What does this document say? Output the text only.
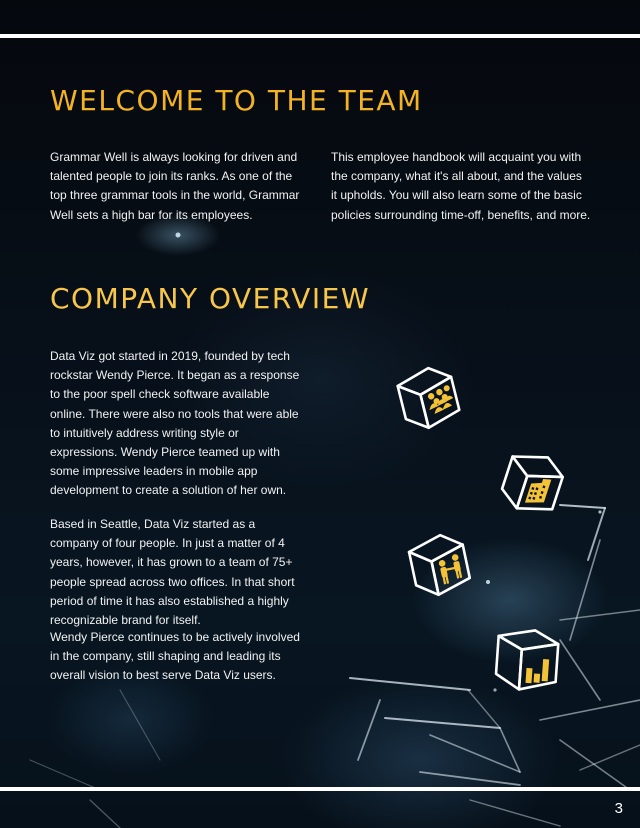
WELCOME TO THE TEAM

Grammar Well is always looking for driven and talented people to join its ranks. As one of the top three grammar tools in the world, Grammar Well sets a high bar for its employees.

This employee handbook will acquaint you with the company, what it's all about, and the values it upholds. You will also learn some of the basic policies surrounding time-off, benefits, and more.

COMPANY OVERVIEW

Data Viz got started in 2019, founded by tech rockstar Wendy Pierce. It began as a response to the poor spell check software available online. There were also no tools that were able to intuitively address writing style or expressions. Wendy Pierce teamed up with some impressive leaders in mobile app development to create a solution of her own.

Based in Seattle, Data Viz started as a company of four people. In just a matter of 4 years, however, it has grown to a team of 75+ people spread across two offices. In that short period of time it has also established a highly recognizable brand for itself.

Wendy Pierce continues to be actively involved in the company, still shaping and leading its overall vision to best serve Data Viz users.

3
